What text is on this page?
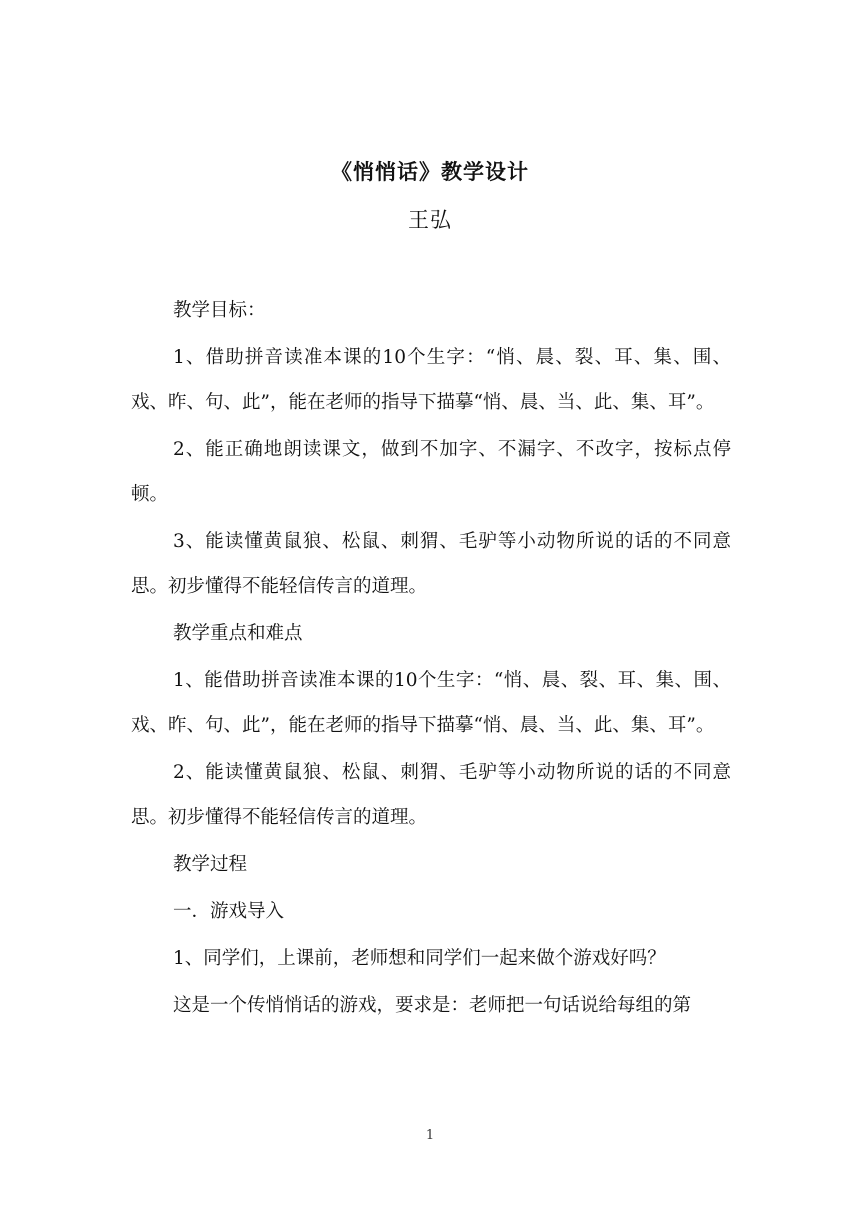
《悄悄话》教学设计
王弘

教学目标：

1、借助拼音读准本课的10个生字：“悄、晨、裂、耳、集、围、戏、昨、句、此”，能在老师的指导下描摹“悄、晨、当、此、集、耳”。

2、能正确地朗读课文，做到不加字、不漏字、不改字，按标点停顿。

3、能读懂黄鼠狼、松鼠、刺猬、毛驴等小动物所说的话的不同意思。初步懂得不能轻信传言的道理。

教学重点和难点

1、能借助拼音读准本课的10个生字：“悄、晨、裂、耳、集、围、戏、昨、句、此”，能在老师的指导下描摹“悄、晨、当、此、集、耳”。

2、能读懂黄鼠狼、松鼠、刺猬、毛驴等小动物所说的话的不同意思。初步懂得不能轻信传言的道理。

教学过程

一．游戏导入

1、同学们，上课前，老师想和同学们一起来做个游戏好吗？

这是一个传悄悄话的游戏，要求是：老师把一句话说给每组的第

1
